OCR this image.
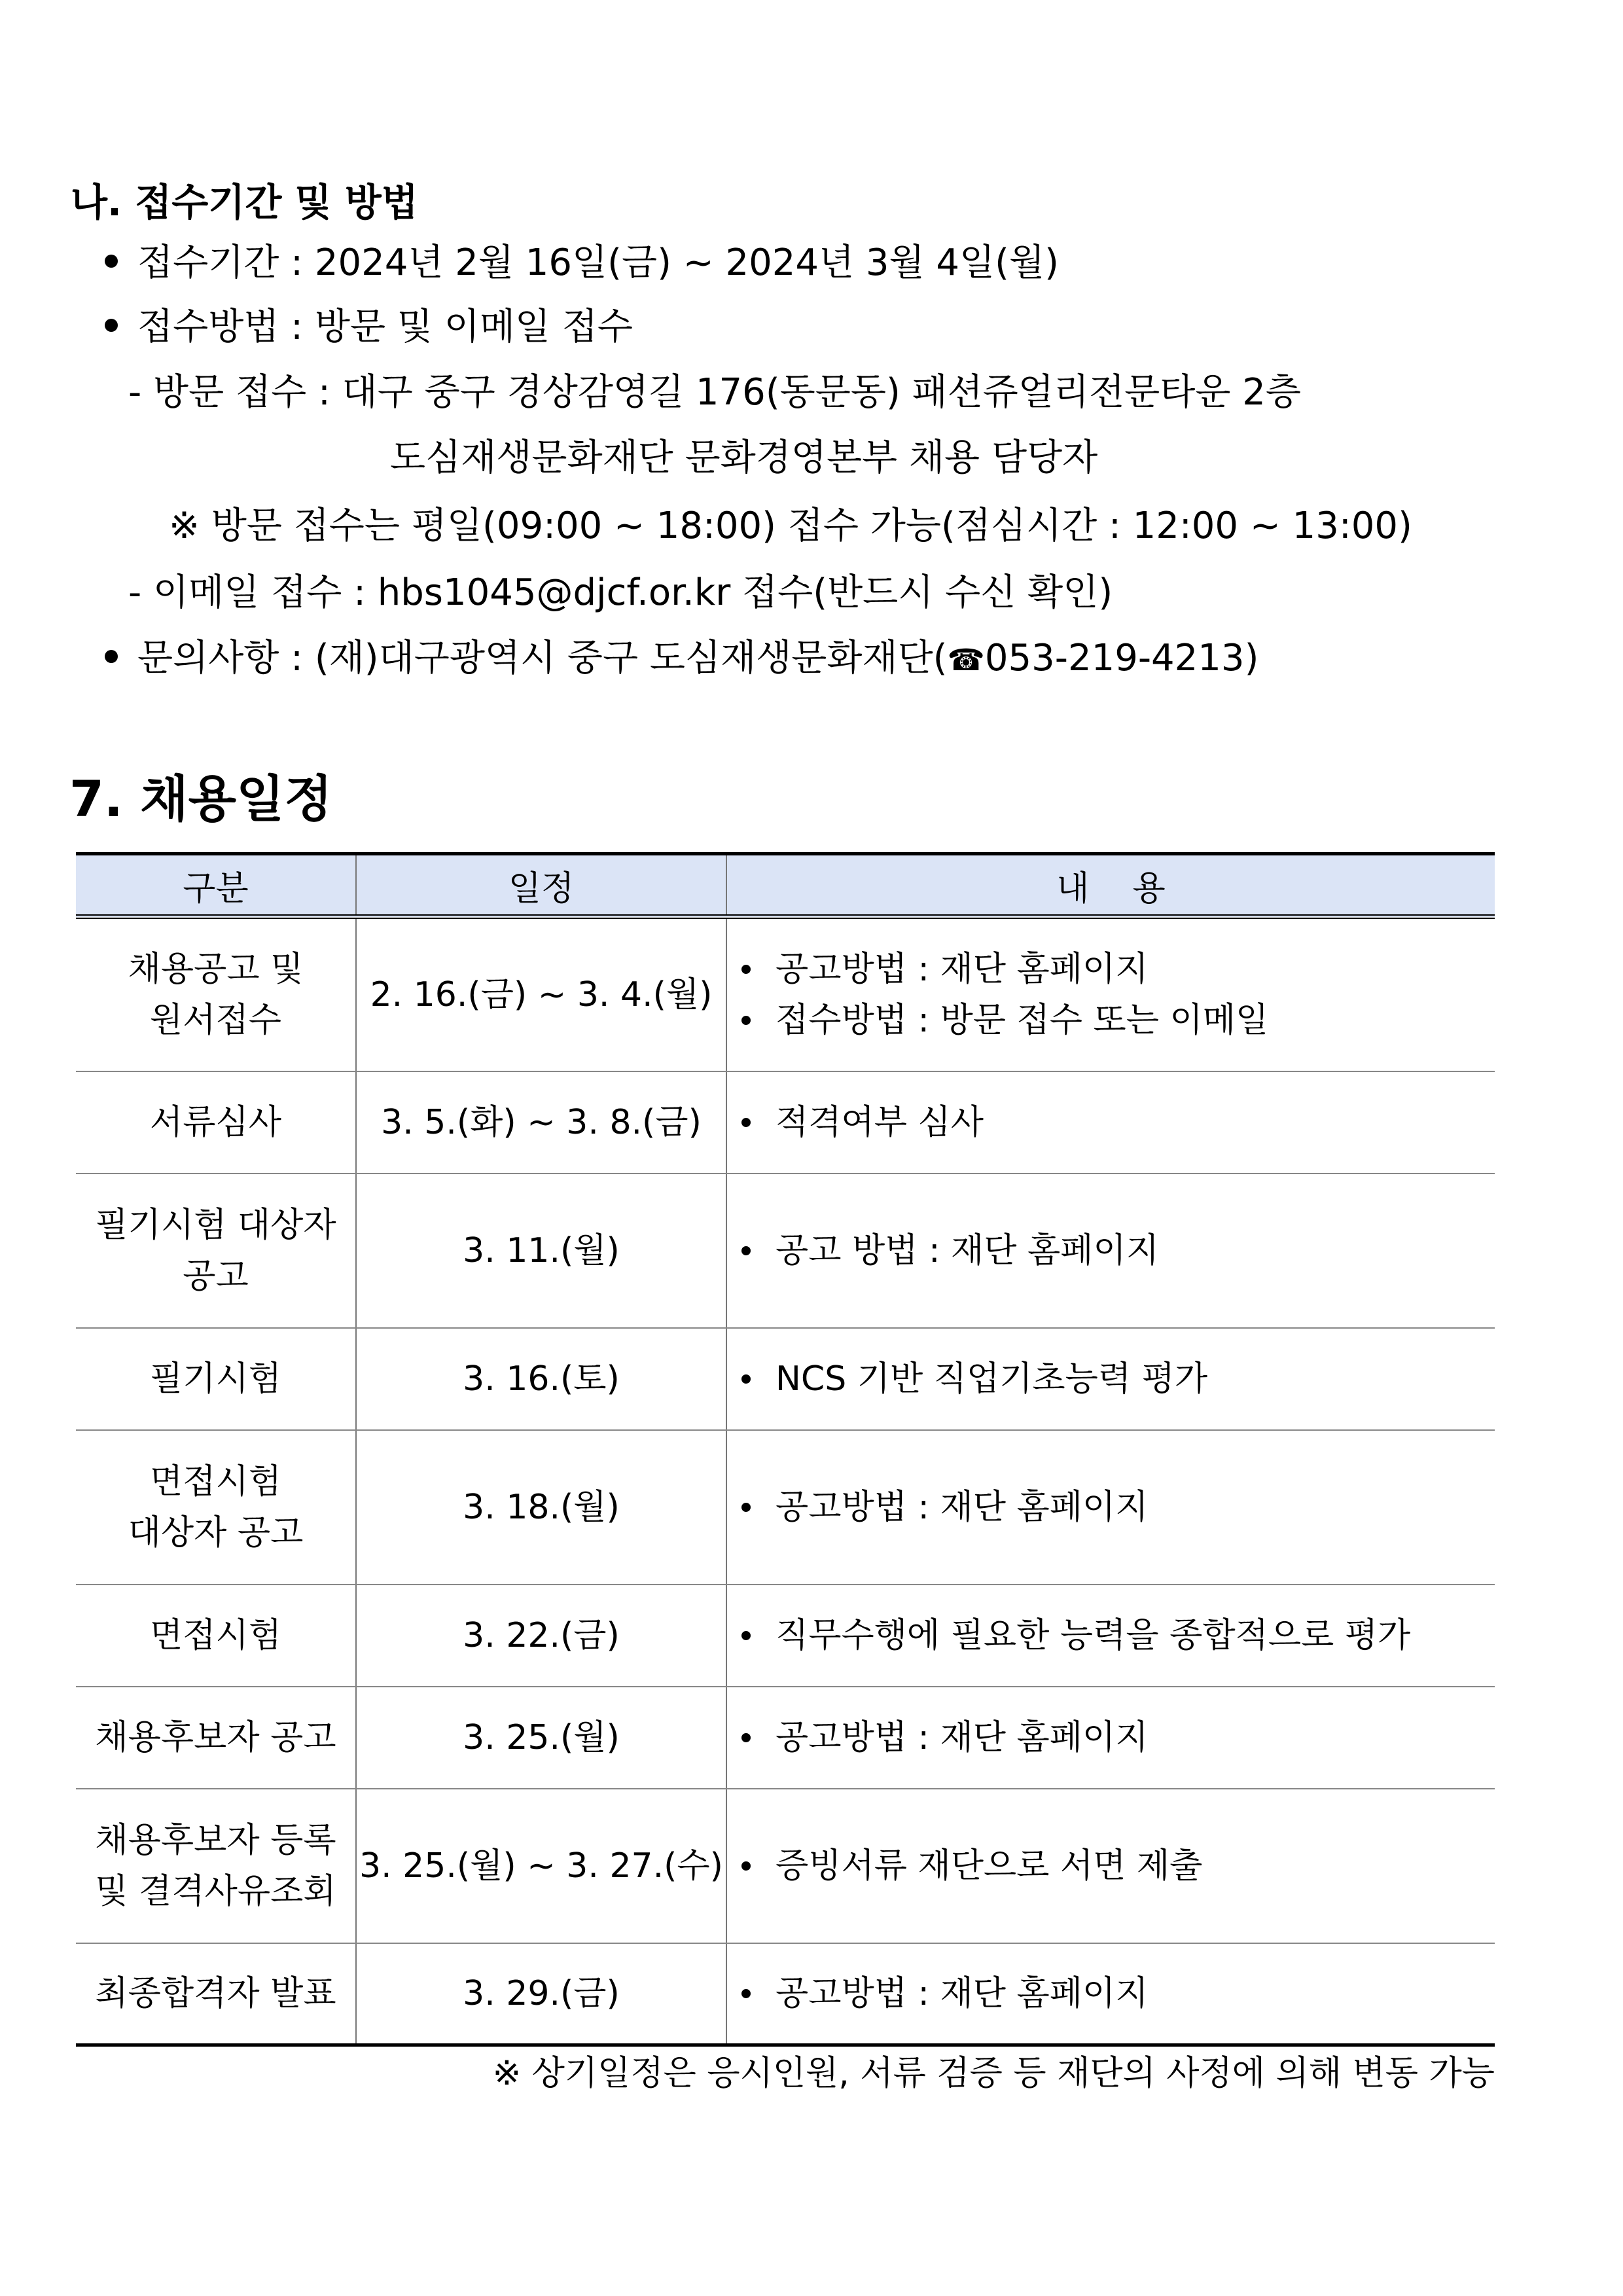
나. 접수기간 및 방법
접수기간 : 2024년 2월 16일(금) ~ 2024년 3월 4일(월)
접수방법 : 방문 및 이메일 접수
- 방문 접수 : 대구 중구 경상감영길 176(동문동) 패션쥬얼리전문타운 2층
도심재생문화재단 문화경영본부 채용 담당자
※ 방문 접수는 평일(09:00 ~ 18:00) 접수 가능(점심시간 : 12:00 ~ 13:00)
- 이메일 접수 : hbs1045@djcf.or.kr 접수(반드시 수신 확인)
문의사항 : (재)대구광역시 중구 도심재생문화재단(☎053-219-4213)
7. 채용일정
구분	일정	내    용

채용공고 및
원서접수	2. 16.(금) ~ 3. 4.(월)	공고방법 : 재단 홈페이지
접수방법 : 방문 접수 또는 이메일

서류심사	3. 5.(화) ~ 3. 8.(금)	적격여부 심사

필기시험 대상자
공고	3. 11.(월)	공고 방법 : 재단 홈페이지

필기시험	3. 16.(토)	NCS 기반 직업기초능력 평가

면접시험
대상자 공고	3. 18.(월)	공고방법 : 재단 홈페이지

면접시험	3. 22.(금)	직무수행에 필요한 능력을 종합적으로 평가

채용후보자 공고	3. 25.(월)	공고방법 : 재단 홈페이지

채용후보자 등록
및 결격사유조회	3. 25.(월) ~ 3. 27.(수)	증빙서류 재단으로 서면 제출

최종합격자 발표	3. 29.(금)	공고방법 : 재단 홈페이지
※ 상기일정은 응시인원, 서류 검증 등 재단의 사정에 의해 변동 가능
